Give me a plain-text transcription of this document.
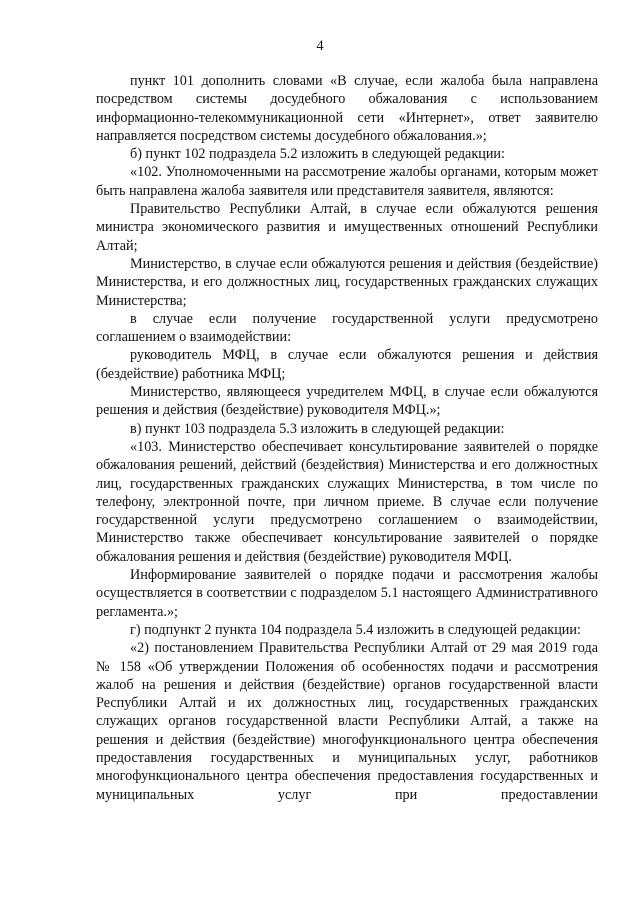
4

пункт 101 дополнить словами «В случае, если жалоба была направлена посредством системы досудебного обжалования с использованием информационно-телекоммуникационной сети «Интернет», ответ заявителю направляется посредством системы досудебного обжалования.»;

б) пункт 102 подраздела 5.2 изложить в следующей редакции:

«102. Уполномоченными на рассмотрение жалобы органами, которым может быть направлена жалоба заявителя или представителя заявителя, являются:

Правительство Республики Алтай, в случае если обжалуются решения министра экономического развития и имущественных отношений Республики Алтай;

Министерство, в случае если обжалуются решения и действия (бездействие) Министерства, и его должностных лиц, государственных гражданских служащих Министерства;

в случае если получение государственной услуги предусмотрено соглашением о взаимодействии:

руководитель МФЦ, в случае если обжалуются решения и действия (бездействие) работника МФЦ;

Министерство, являющееся учредителем МФЦ, в случае если обжалуются решения и действия (бездействие) руководителя МФЦ.»;

в) пункт 103 подраздела 5.3 изложить в следующей редакции:

«103. Министерство обеспечивает консультирование заявителей о порядке обжалования решений, действий (бездействия) Министерства и его должностных лиц, государственных гражданских служащих Министерства, в том числе по телефону, электронной почте, при личном приеме. В случае если получение государственной услуги предусмотрено соглашением о взаимодействии, Министерство также обеспечивает консультирование заявителей о порядке обжалования решения и действия (бездействие) руководителя МФЦ.

Информирование заявителей о порядке подачи и рассмотрения жалобы осуществляется в соответствии с подразделом 5.1 настоящего Административного регламента.»;

г) подпункт 2 пункта 104 подраздела 5.4 изложить в следующей редакции:

«2) постановлением Правительства Республики Алтай от 29 мая 2019 года № 158 «Об утверждении Положения об особенностях подачи и рассмотрения жалоб на решения и действия (бездействие) органов государственной власти Республики Алтай и их должностных лиц, государственных гражданских служащих органов государственной власти Республики Алтай, а также на решения и действия (бездействие) многофункционального центра обеспечения предоставления государственных и муниципальных услуг, работников многофункционального центра обеспечения предоставления государственных и муниципальных услуг при предоставлении
